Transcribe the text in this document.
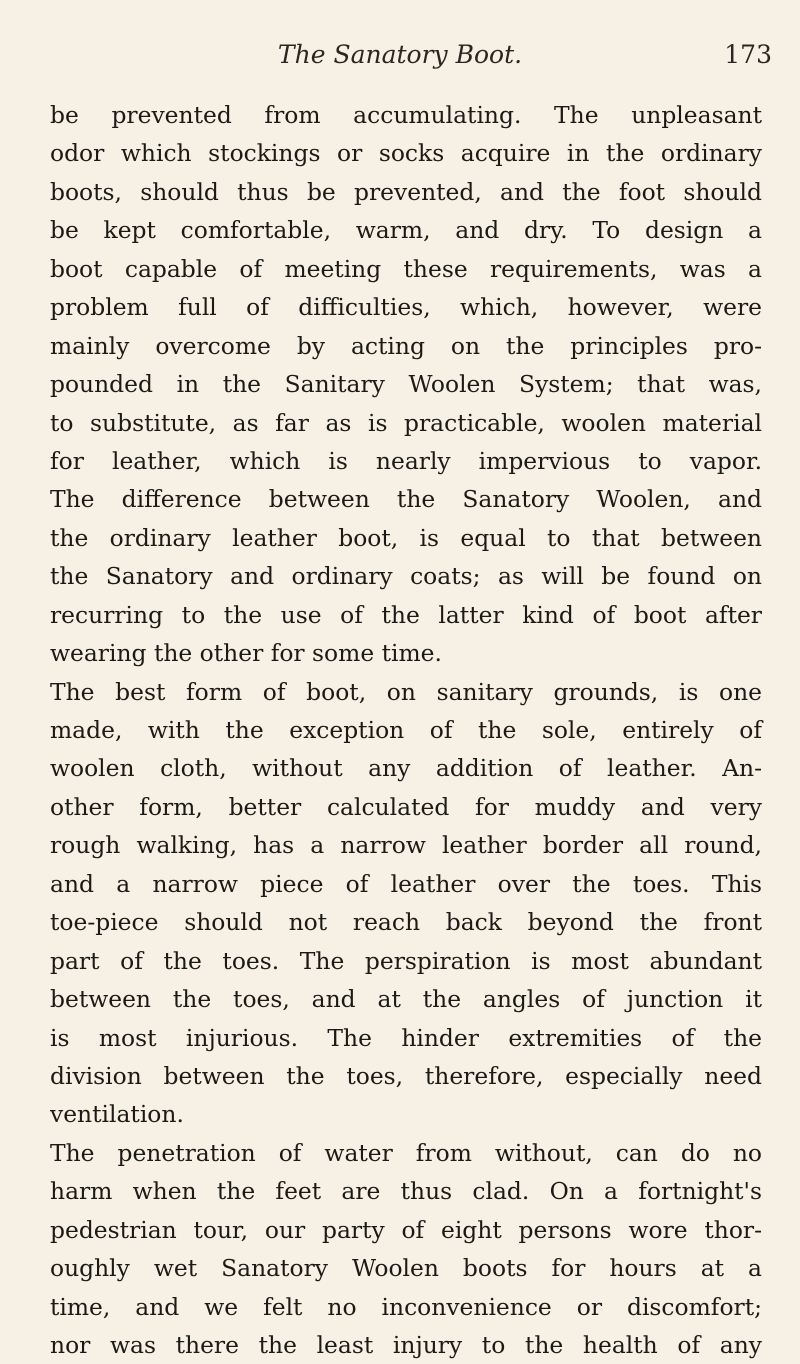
The Sanatory Boot.	173
be prevented from accumulating. The unpleasant
odor which stockings or socks acquire in the ordinary
boots, should thus be prevented, and the foot should
be kept comfortable, warm, and dry. To design a
boot capable of meeting these requirements, was a
problem full of difficulties, which, however, were
mainly overcome by acting on the principles pro-
pounded in the Sanitary Woolen System; that was,
to substitute, as far as is practicable, woolen material
for leather, which is nearly impervious to vapor.
The difference between the Sanatory Woolen, and
the ordinary leather boot, is equal to that between
the Sanatory and ordinary coats; as will be found on
recurring to the use of the latter kind of boot after
wearing the other for some time.
The best form of boot, on sanitary grounds, is one
made, with the exception of the sole, entirely of
woolen cloth, without any addition of leather. An-
other form, better calculated for muddy and very
rough walking, has a narrow leather border all round,
and a narrow piece of leather over the toes. This
toe-piece should not reach back beyond the front
part of the toes. The perspiration is most abundant
between the toes, and at the angles of junction it
is most injurious. The hinder extremities of the
division between the toes, therefore, especially need
ventilation.
The penetration of water from without, can do no
harm when the feet are thus clad. On a fortnight's
pedestrian tour, our party of eight persons wore thor-
oughly wet Sanatory Woolen boots for hours at a
time, and we felt no inconvenience or discomfort;
nor was there the least injury to the health of any
